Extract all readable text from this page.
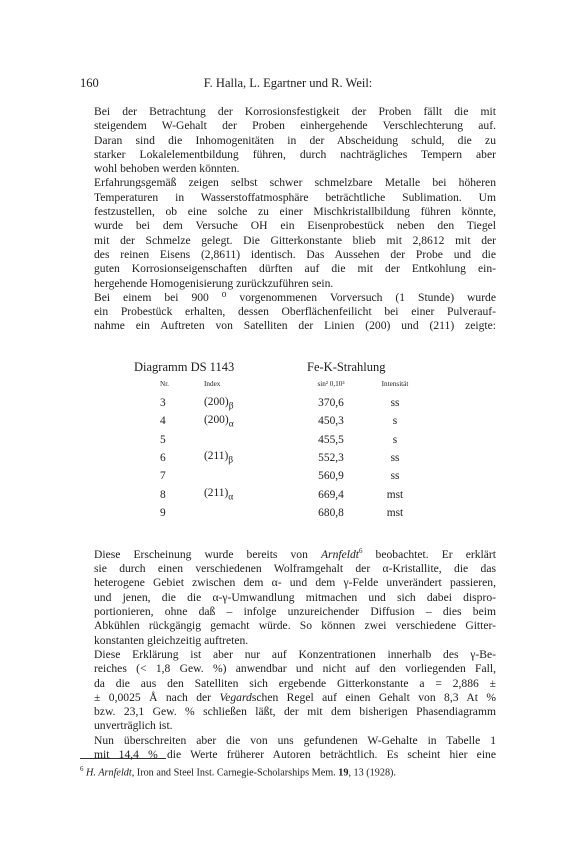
160	F. Halla, L. Egartner und R. Weil:

Bei der Betrachtung der Korrosionsfestigkeit der Proben fällt die mit
steigendem W-Gehalt der Proben einhergehende Verschlechterung auf.
Daran sind die Inhomogenitäten in der Abscheidung schuld, die zu
starker Lokalelementbildung führen, durch nachträgliches Tempern aber
wohl behoben werden könnten.

Erfahrungsgemäß zeigen selbst schwer schmelzbare Metalle bei höheren
Temperaturen in Wasserstoffatmosphäre beträchtliche Sublimation. Um
festzustellen, ob eine solche zu einer Mischkristallbildung führen könnte,
wurde bei dem Versuche OH ein Eisenprobestück neben den Tiegel
mit der Schmelze gelegt. Die Gitterkonstante blieb mit 2,8612 mit der
des reinen Eisens (2,8611) identisch. Das Aussehen der Probe und die
guten Korrosionseigenschaften dürften auf die mit der Entkohlung ein-
hergehende Homogenisierung zurückzuführen sein.

Bei einem bei 900 ⁰ vorgenommenen Vorversuch (1 Stunde) wurde
ein Probestück erhalten, dessen Oberflächenfeilicht bei einer Pulverauf-
nahme ein Auftreten von Satelliten der Linien (200) und (211) zeigte:

Diagramm DS 1143	Fe-K-Strahlung
Nr.	Index	sin² 0,10³	Intensität
3	$(200)_\beta$	370,6	ss
4	$(200)_\alpha$	450,3	s
5		455,5	s
6	$(211)_\beta$	552,3	ss
7		560,9	ss
8	$(211)_\alpha$	669,4	mst
9		680,8	mst

Diese Erscheinung wurde bereits von Arnfeldt$^6$ beobachtet. Er erklärt
sie durch einen verschiedenen Wolframgehalt der α-Kristallite, die das
heterogene Gebiet zwischen dem α- und dem γ-Felde unverändert passieren,
und jenen, die die α-γ-Umwandlung mitmachen und sich dabei dispro-
portionieren, ohne daß – infolge unzureichender Diffusion – dies beim
Abkühlen rückgängig gemacht würde. So können zwei verschiedene Gitter-
konstanten gleichzeitig auftreten.

Diese Erklärung ist aber nur auf Konzentrationen innerhalb des γ-Be-
reiches (< 1,8 Gew. %) anwendbar und nicht auf den vorliegenden Fall,
da die aus den Satelliten sich ergebende Gitterkonstante a = 2,886 ±
± 0,0025 Å nach der Vegardschen Regel auf einen Gehalt von 8,3 At %
bzw. 23,1 Gew. % schließen läßt, der mit dem bisherigen Phasendiagramm
unverträglich ist.

Nun überschreiten aber die von uns gefundenen W-Gehalte in Tabelle 1
mit 14,4 % die Werte früherer Autoren beträchtlich. Es scheint hier eine

$^6$ H. Arnfeldt, Iron and Steel Inst. Carnegie-Scholarships Mem. 19, 13 (1928).
